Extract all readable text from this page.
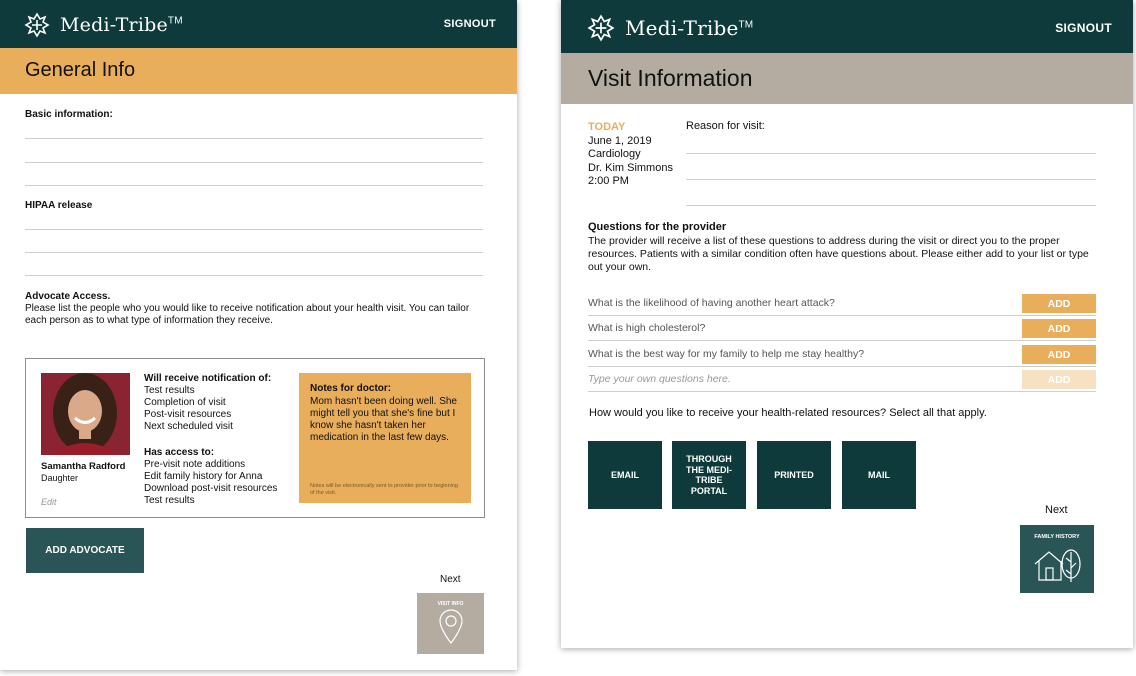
Medi-Tribe™	SIGNOUT
General Info
Basic information:
HIPAA release
Advocate Access.
Please list the people who you would like to receive notification about your health visit. You can tailor each person as to what type of information they receive.
Samantha Radford
Daughter
Edit
Will receive notification of:
Test results
Completion of visit
Post-visit resources
Next scheduled visit
Has access to:
Pre-visit note additions
Edit family history for Anna
Download post-visit resources
Test results
Notes for doctor:
Mom hasn't been doing well. She might tell you that she's fine but I know she hasn't taken her medication in the last few days.
Notes will be electronically sent to provider prior to beginning of the visit.
ADD ADVOCATE
Next
VISIT INFO
Medi-Tribe™	SIGNOUT
Visit Information
TODAY
June 1, 2019
Cardiology
Dr. Kim Simmons
2:00 PM
Reason for visit:
Questions for the provider
The provider will receive a list of these questions to address during the visit or direct you to the proper resources. Patients with a similar condition often have questions about. Please either add to your list or type out your own.
What is the likelihood of having another heart attack?	ADD
What is high cholesterol?	ADD
What is the best way for my family to help me stay healthy?	ADD
Type your own questions here.	ADD
How would you like to receive your health-related resources? Select all that apply.
EMAIL
THROUGH THE MEDI-TRIBE PORTAL
PRINTED	MAIL
Next
FAMILY HISTORY
